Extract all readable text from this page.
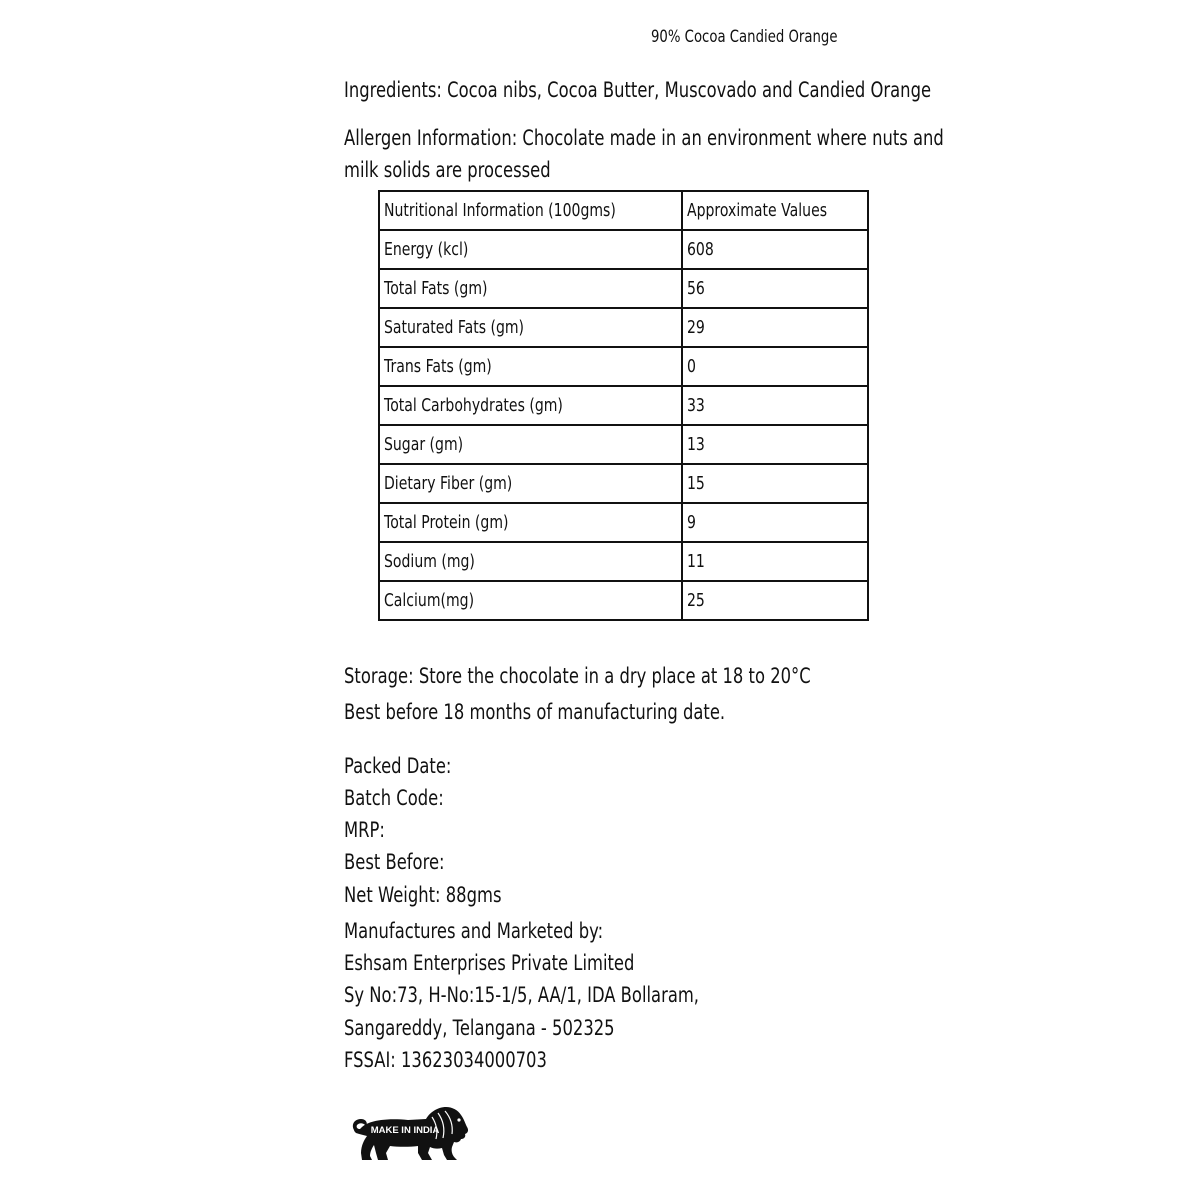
90% Cocoa Candied Orange
Ingredients: Cocoa nibs, Cocoa Butter, Muscovado and Candied Orange
Allergen Information: Chocolate made in an environment where nuts and
milk solids are processed
Nutritional Information (100gms)	Approximate Values
Energy (kcl)	608
Total Fats (gm)	56
Saturated Fats (gm)	29
Trans Fats (gm)	0
Total Carbohydrates (gm)	33
Sugar (gm)	13
Dietary Fiber (gm)	15
Total Protein (gm)	9
Sodium (mg)	11
Calcium(mg)	25
Storage: Store the chocolate in a dry place at 18 to 20°C
Best before 18 months of manufacturing date.
Packed Date:
Batch Code:
MRP:
Best Before:
Net Weight: 88gms
Manufactures and Marketed by:
Eshsam Enterprises Private Limited
Sy No:73, H-No:15-1/5, AA/1, IDA Bollaram,
Sangareddy, Telangana - 502325
FSSAI: 13623034000703
MAKE IN INDIA
